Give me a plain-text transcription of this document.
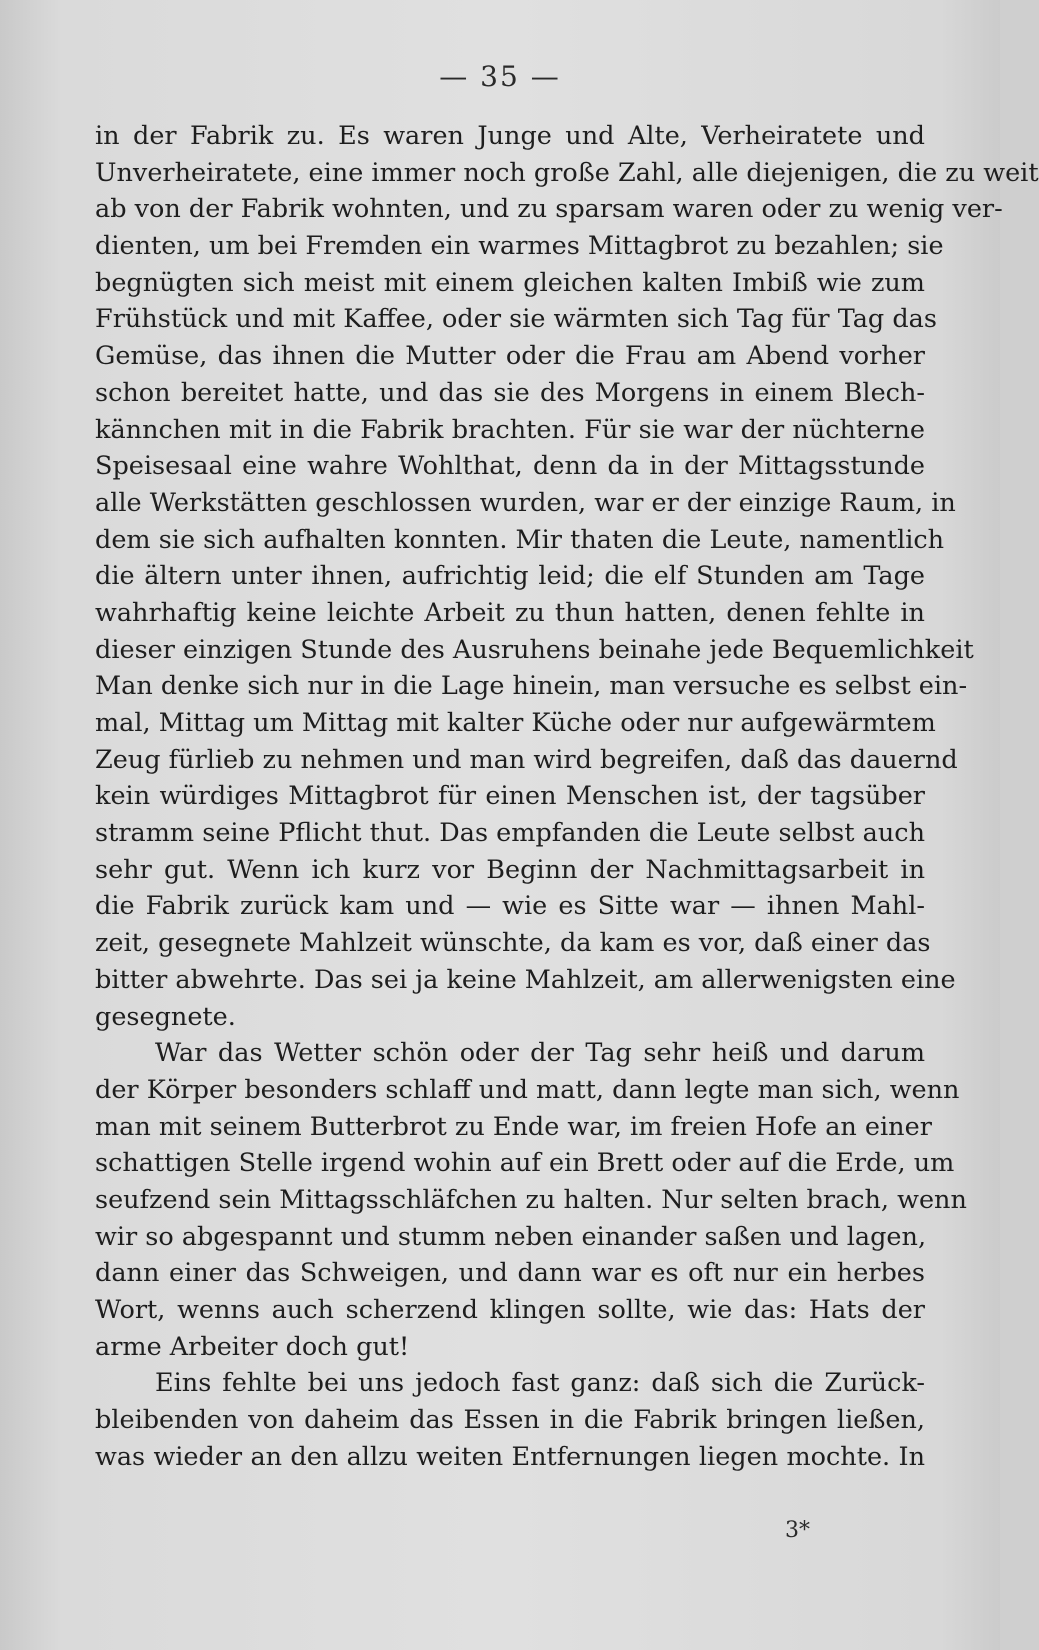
— 35 —
in der Fabrik zu. Es waren Junge und Alte, Verheiratete und
Unverheiratete, eine immer noch große Zahl, alle diejenigen, die zu weit
ab von der Fabrik wohnten, und zu sparsam waren oder zu wenig ver-
dienten, um bei Fremden ein warmes Mittagbrot zu bezahlen; sie
begnügten sich meist mit einem gleichen kalten Imbiß wie zum
Frühstück und mit Kaffee, oder sie wärmten sich Tag für Tag das
Gemüse, das ihnen die Mutter oder die Frau am Abend vorher
schon bereitet hatte, und das sie des Morgens in einem Blech-
kännchen mit in die Fabrik brachten. Für sie war der nüchterne
Speisesaal eine wahre Wohlthat, denn da in der Mittagsstunde
alle Werkstätten geschlossen wurden, war er der einzige Raum, in
dem sie sich aufhalten konnten. Mir thaten die Leute, namentlich
die ältern unter ihnen, aufrichtig leid; die elf Stunden am Tage
wahrhaftig keine leichte Arbeit zu thun hatten, denen fehlte in
dieser einzigen Stunde des Ausruhens beinahe jede Bequemlichkeit
Man denke sich nur in die Lage hinein, man versuche es selbst ein-
mal, Mittag um Mittag mit kalter Küche oder nur aufgewärmtem
Zeug fürlieb zu nehmen und man wird begreifen, daß das dauernd
kein würdiges Mittagbrot für einen Menschen ist, der tagsüber
stramm seine Pflicht thut. Das empfanden die Leute selbst auch
sehr gut. Wenn ich kurz vor Beginn der Nachmittagsarbeit in
die Fabrik zurück kam und — wie es Sitte war — ihnen Mahl-
zeit, gesegnete Mahlzeit wünschte, da kam es vor, daß einer das
bitter abwehrte. Das sei ja keine Mahlzeit, am allerwenigsten eine
gesegnete.
War das Wetter schön oder der Tag sehr heiß und darum
der Körper besonders schlaff und matt, dann legte man sich, wenn
man mit seinem Butterbrot zu Ende war, im freien Hofe an einer
schattigen Stelle irgend wohin auf ein Brett oder auf die Erde, um
seufzend sein Mittagsschläfchen zu halten. Nur selten brach, wenn
wir so abgespannt und stumm neben einander saßen und lagen,
dann einer das Schweigen, und dann war es oft nur ein herbes
Wort, wenns auch scherzend klingen sollte, wie das: Hats der
arme Arbeiter doch gut!
Eins fehlte bei uns jedoch fast ganz: daß sich die Zurück-
bleibenden von daheim das Essen in die Fabrik bringen ließen,
was wieder an den allzu weiten Entfernungen liegen mochte. In
3*
